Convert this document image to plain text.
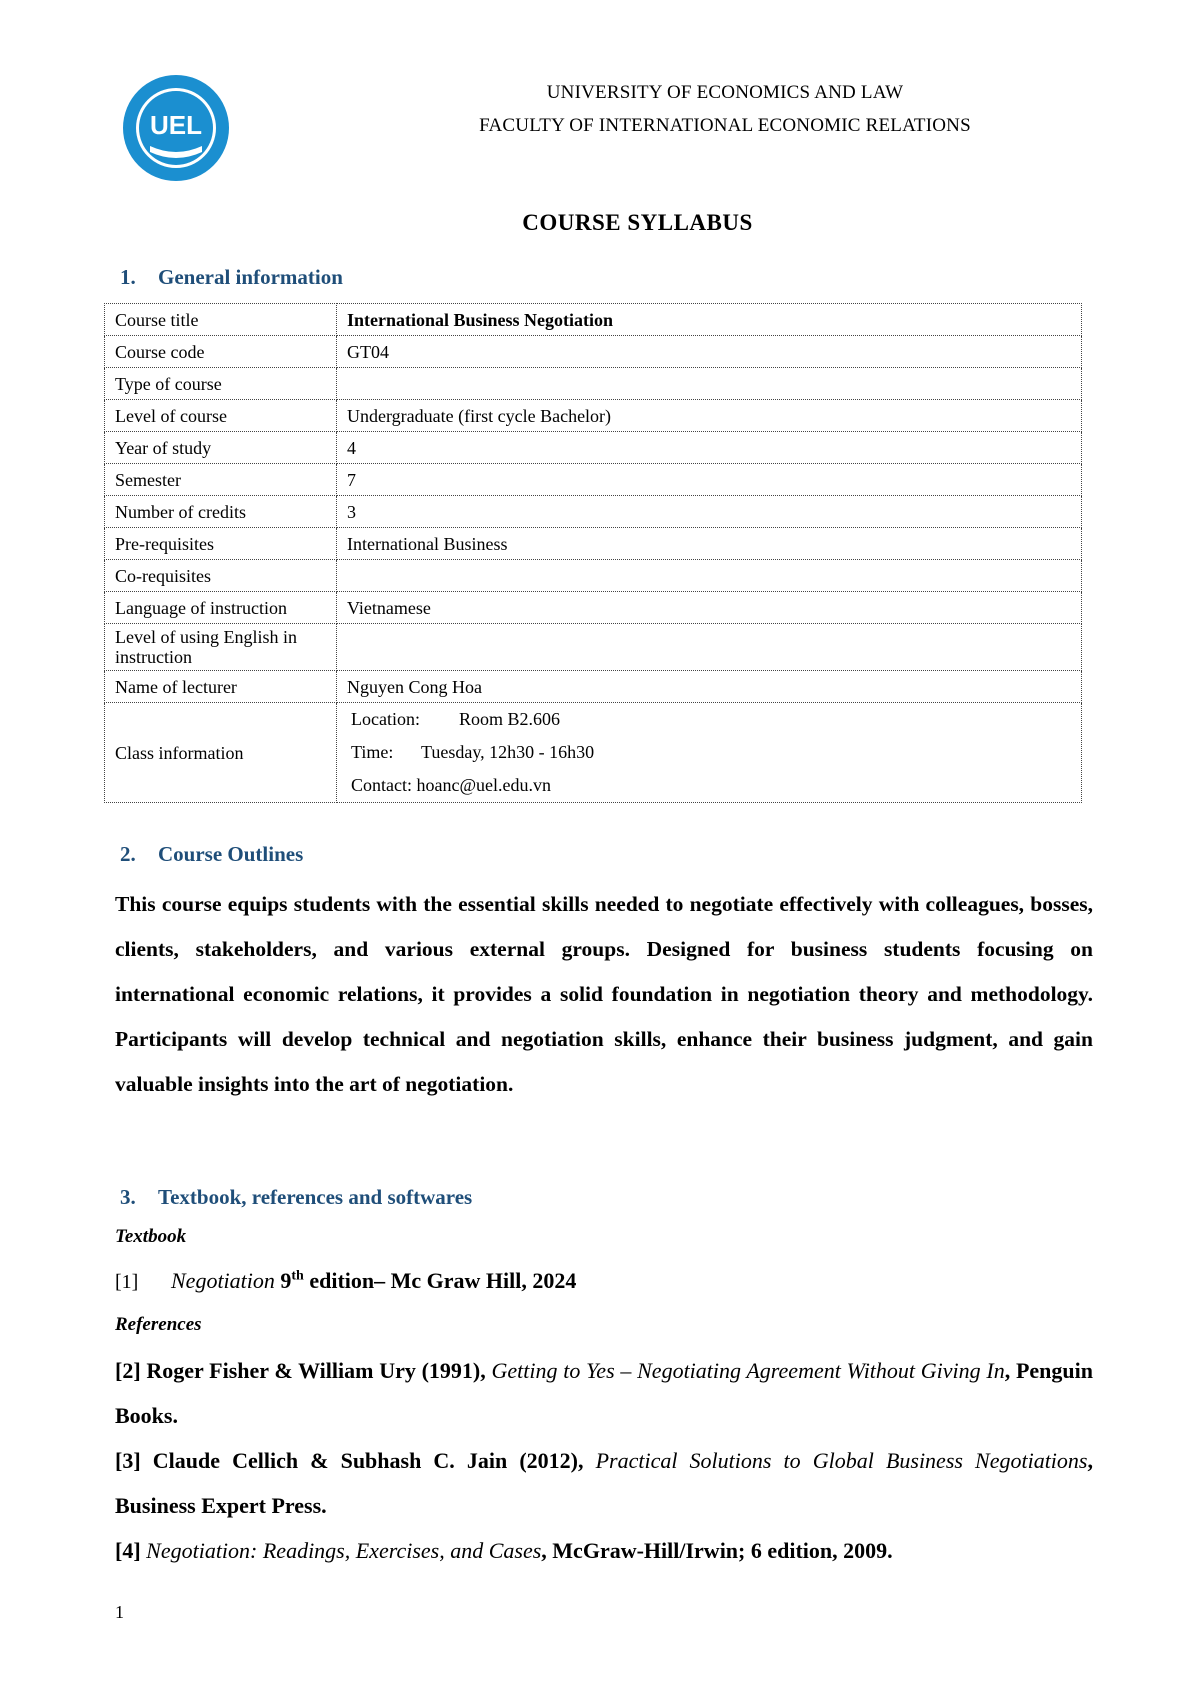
UEL
UNIVERSITY OF ECONOMICS AND LAW
FACULTY OF INTERNATIONAL ECONOMIC RELATIONS
COURSE SYLLABUS
1. General information
Course title	International Business Negotiation
Course code	GT04
Type of course	
Level of course	Undergraduate (first cycle Bachelor)
Year of study	4
Semester	7
Number of credits	3
Pre-requisites	International Business
Co-requisites	
Language of instruction	Vietnamese
Level of using English in instruction	
Name of lecturer	Nguyen Cong Hoa
Class information	Location: Room B2.606
Time: Tuesday, 12h30 - 16h30
Contact: hoanc@uel.edu.vn
2. Course Outlines
This course equips students with the essential skills needed to negotiate effectively with colleagues, bosses, clients, stakeholders, and various external groups. Designed for business students focusing on international economic relations, it provides a solid foundation in negotiation theory and methodology. Participants will develop technical and negotiation skills, enhance their business judgment, and gain valuable insights into the art of negotiation.
3. Textbook, references and softwares
Textbook
[1] Negotiation 9th edition– Mc Graw Hill, 2024
References
[2] Roger Fisher & William Ury (1991), Getting to Yes – Negotiating Agreement Without Giving In, Penguin Books.
[3] Claude Cellich & Subhash C. Jain (2012), Practical Solutions to Global Business Negotiations, Business Expert Press.
[4] Negotiation: Readings, Exercises, and Cases, McGraw-Hill/Irwin; 6 edition, 2009.
1
